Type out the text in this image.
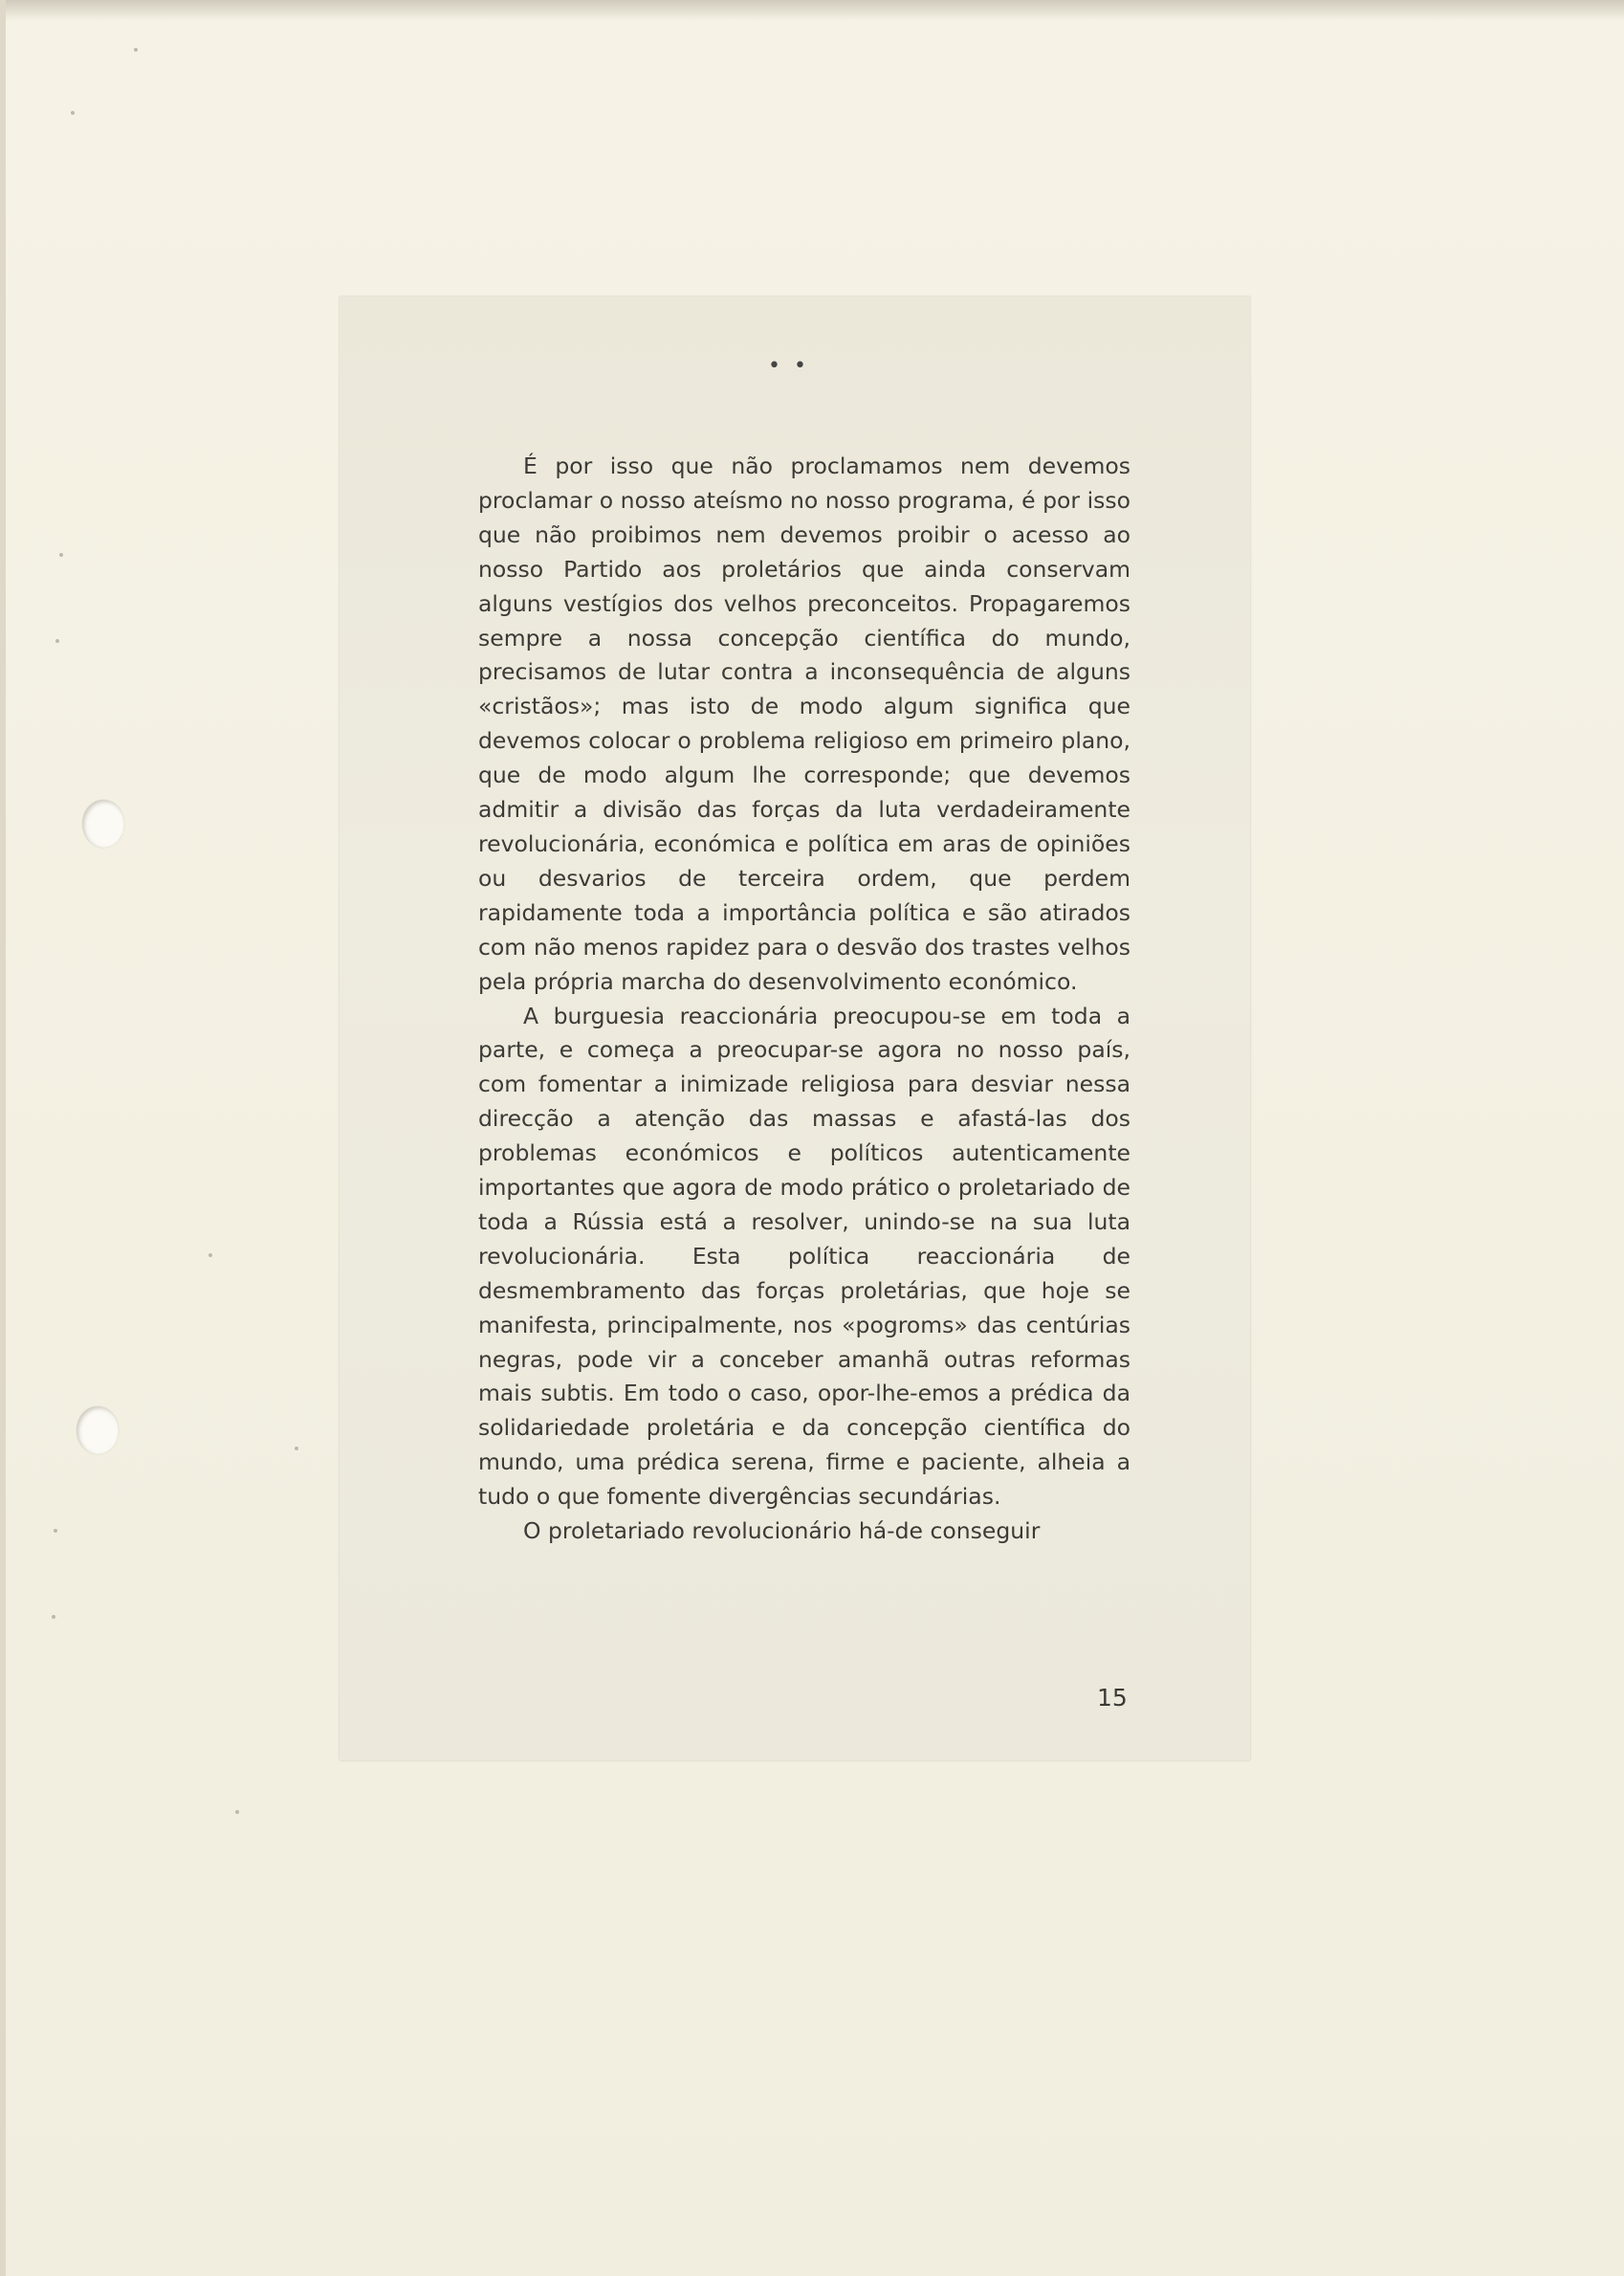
••

É por isso que não proclamamos nem devemos proclamar o nosso ateísmo no nosso programa, é por isso que não proibimos nem devemos proibir o acesso ao nosso Partido aos proletários que ainda conservam alguns vestígios dos velhos preconceitos. Propagaremos sempre a nossa concepção científica do mundo, precisamos de lutar contra a inconsequência de alguns «cristãos»; mas isto de modo algum significa que devemos colocar o problema religioso em primeiro plano, que de modo algum lhe corresponde; que devemos admitir a divisão das forças da luta verdadeiramente revolucionária, económica e política em aras de opiniões ou desvarios de terceira ordem, que perdem rapidamente toda a importância política e são atirados com não menos rapidez para o desvão dos trastes velhos pela própria marcha do desenvolvimento económico.

A burguesia reaccionária preocupou-se em toda a parte, e começa a preocupar-se agora no nosso país, com fomentar a inimizade religiosa para desviar nessa direcção a atenção das massas e afastá-las dos problemas económicos e políticos autenticamente importantes que agora de modo prático o proletariado de toda a Rússia está a resolver, unindo-se na sua luta revolucionária. Esta política reaccionária de desmembramento das forças proletárias, que hoje se manifesta, principalmente, nos «pogroms» das centúrias negras, pode vir a conceber amanhã outras reformas mais subtis. Em todo o caso, opor-lhe-emos a prédica da solidariedade proletária e da concepção científica do mundo, uma prédica serena, firme e paciente, alheia a tudo o que fomente divergências secundárias.

O proletariado revolucionário há-de conseguir

15
